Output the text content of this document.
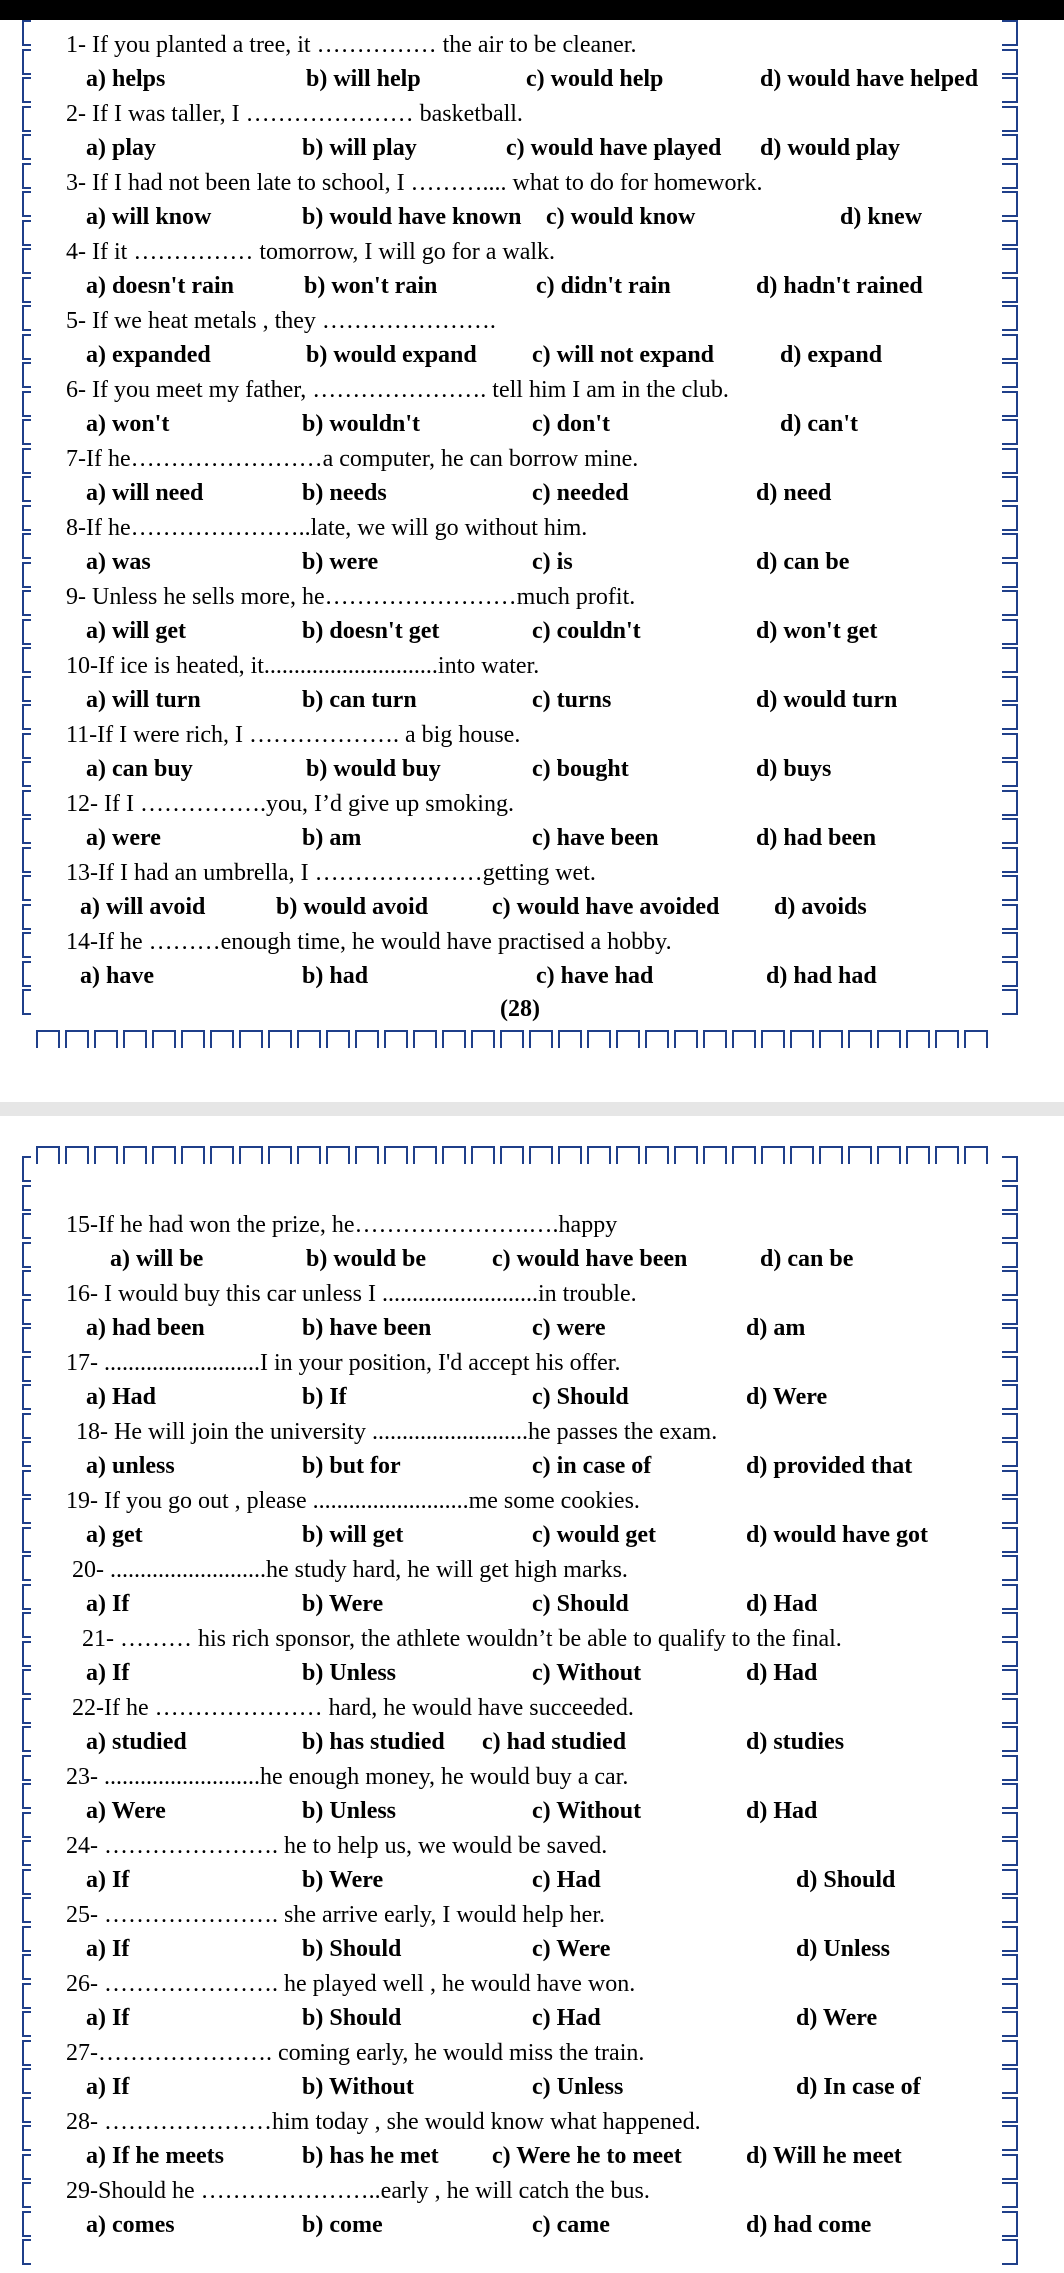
1- If you planted a tree, it …………… the air to be cleaner.
a) helps	b) will help	c) would help	d) would have helped
2- If I was taller, I ………………… basketball.
a) play	b) will play	c) would have played d) would play
3- If I had not been late to school, I ……….... what to do for homework.
a) will know	b) would have known c) would know	d) knew
4- If it …………… tomorrow, I will go for a walk.
a) doesn't rain	b) won't rain	c) didn't rain	d) hadn't rained
5- If we heat metals , they ………………….
a) expanded	b) would expand c) will not expand	d) expand
6- If you meet my father, …………………. tell him I am in the club.
a) won't	b) wouldn't	c) don't	d) can't
7-If he……………………a computer, he can borrow mine.
a) will need	b) needs	c) needed	d) need
8-If he…………………..late, we will go without him.
a) was	b) were	c) is	d) can be
9- Unless he sells more, he……………………much profit.
a) will get	b) doesn't get	c) couldn't	d) won't get
10-If ice is heated, it.............................into water.
a) will turn	b) can turn	c) turns	d) would turn
11-If I were rich, I ………………. a big house.
a) can buy	b) would buy	c) bought	d) buys
12- If I …………….you, I’d give up smoking.
a) were	b) am	c) have been	d) had been
13-If I had an umbrella, I …………………getting wet.
a) will avoid	b) would avoid	c) would have avoided d) avoids
14-If he ………enough time, he would have practised a hobby.
a) have	b) had	c) have had	d) had had
(28)
15-If he had won the prize, he………………….….happy
a) will be	b) would be	c) would have been	d) can be
16- I would buy this car unless I ..........................in trouble.
a) had been	b) have been	c) were	d) am
17- ..........................I in your position, I'd accept his offer.
a) Had	b) If	c) Should	d) Were
18- He will join the university ..........................he passes the exam.
a) unless	b) but for	c) in case of	d) provided that
19- If you go out , please ..........................me some cookies.
a) get	b) will get	c) would get	d) would have got
20- ..........................he study hard, he will get high marks.
a) If	b) Were	c) Should	d) Had
21- ……… his rich sponsor, the athlete wouldn’t be able to qualify to the final.
a) If	b) Unless	c) Without	d) Had
22-If he ………………… hard, he would have succeeded.
a) studied	b) has studied c) had studied	d) studies
23- ..........................he enough money, he would buy a car.
a) Were	b) Unless	c) Without	d) Had
24- …………………. he to help us, we would be saved.
a) If	b) Were	c) Had	d) Should
25- …………………. she arrive early, I would help her.
a) If	b) Should	c) Were	d) Unless
26- …………………. he played well , he would have won.
a) If	b) Should	c) Had	d) Were
27-…………………. coming early, he would miss the train.
a) If	b) Without	c) Unless	d) In case of
28- …………………him today , she would know what happened.
a) If he meets	b) has he met c) Were he to meet	d) Will he meet
29-Should he …………………..early , he will catch the bus.
a) comes	b) come	c) came	d) had come
